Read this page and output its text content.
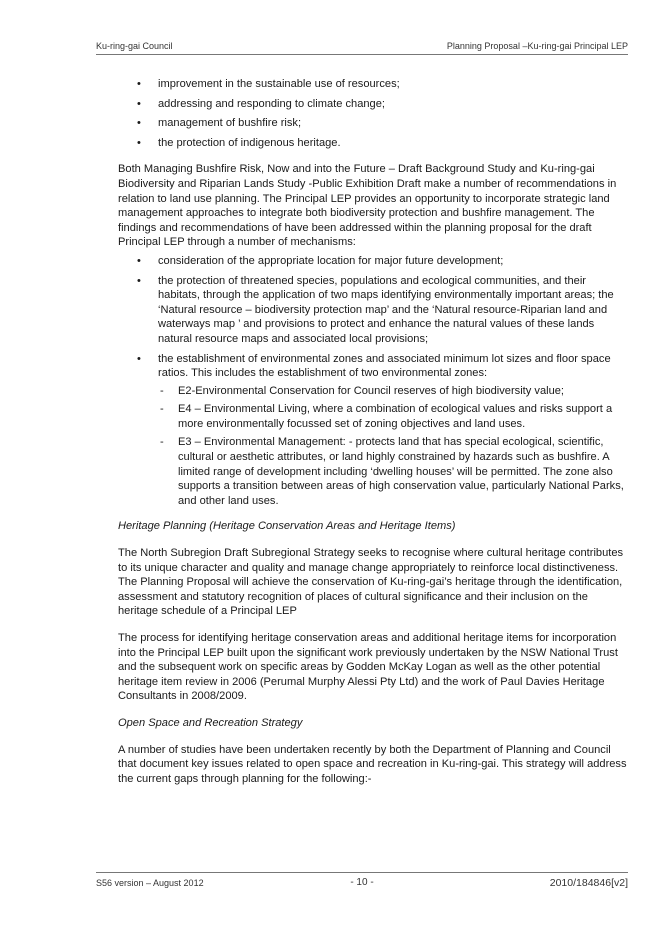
Ku-ring-gai Council	Planning Proposal –Ku-ring-gai Principal LEP

• improvement in the sustainable use of resources;

• addressing and responding to climate change;

• management of bushfire risk;

• the protection of indigenous heritage.

Both Managing Bushfire Risk, Now and into the Future – Draft Background Study and Ku-ring-gai Biodiversity and Riparian Lands Study -Public Exhibition Draft make a number of recommendations in relation to land use planning. The Principal LEP provides an opportunity to incorporate strategic land management approaches to integrate both biodiversity protection and bushfire management. The findings and recommendations of have been addressed within the planning proposal for the draft Principal LEP through a number of mechanisms:

• consideration of the appropriate location for major future development;

• the protection of threatened species, populations and ecological communities, and their habitats, through the application of two maps identifying environmentally important areas; the ‘Natural resource – biodiversity protection map’ and the ‘Natural resource-Riparian land and waterways map ’ and provisions to protect and enhance the natural values of these lands natural resource maps and associated local provisions;

• the establishment of environmental zones and associated minimum lot sizes and floor space ratios. This includes the establishment of two environmental zones:

- E2-Environmental Conservation for Council reserves of high biodiversity value;

- E4 – Environmental Living, where a combination of ecological values and risks support a more environmentally focussed set of zoning objectives and land uses.

- E3 – Environmental Management: - protects land that has special ecological, scientific, cultural or aesthetic attributes, or land highly constrained by hazards such as bushfire. A limited range of development including ‘dwelling houses’ will be permitted. The zone also supports a transition between areas of high conservation value, particularly National Parks, and other land uses.

Heritage Planning (Heritage Conservation Areas and Heritage Items)

The North Subregion Draft Subregional Strategy seeks to recognise where cultural heritage contributes to its unique character and quality and manage change appropriately to reinforce local distinctiveness. The Planning Proposal will achieve the conservation of Ku-ring-gai’s heritage through the identification, assessment and statutory recognition of places of cultural significance and their inclusion on the heritage schedule of a Principal LEP

The process for identifying heritage conservation areas and additional heritage items for incorporation into the Principal LEP built upon the significant work previously undertaken by the NSW National Trust and the subsequent work on specific areas by Godden McKay Logan as well as the other potential heritage item review in 2006 (Perumal Murphy Alessi Pty Ltd) and the work of Paul Davies Heritage Consultants in 2008/2009.

Open Space and Recreation Strategy

A number of studies have been undertaken recently by both the Department of Planning and Council that document key issues related to open space and recreation in Ku-ring-gai. This strategy will address the current gaps through planning for the following:-

S56 version – August 2012	- 10 -	2010/184846[v2]
